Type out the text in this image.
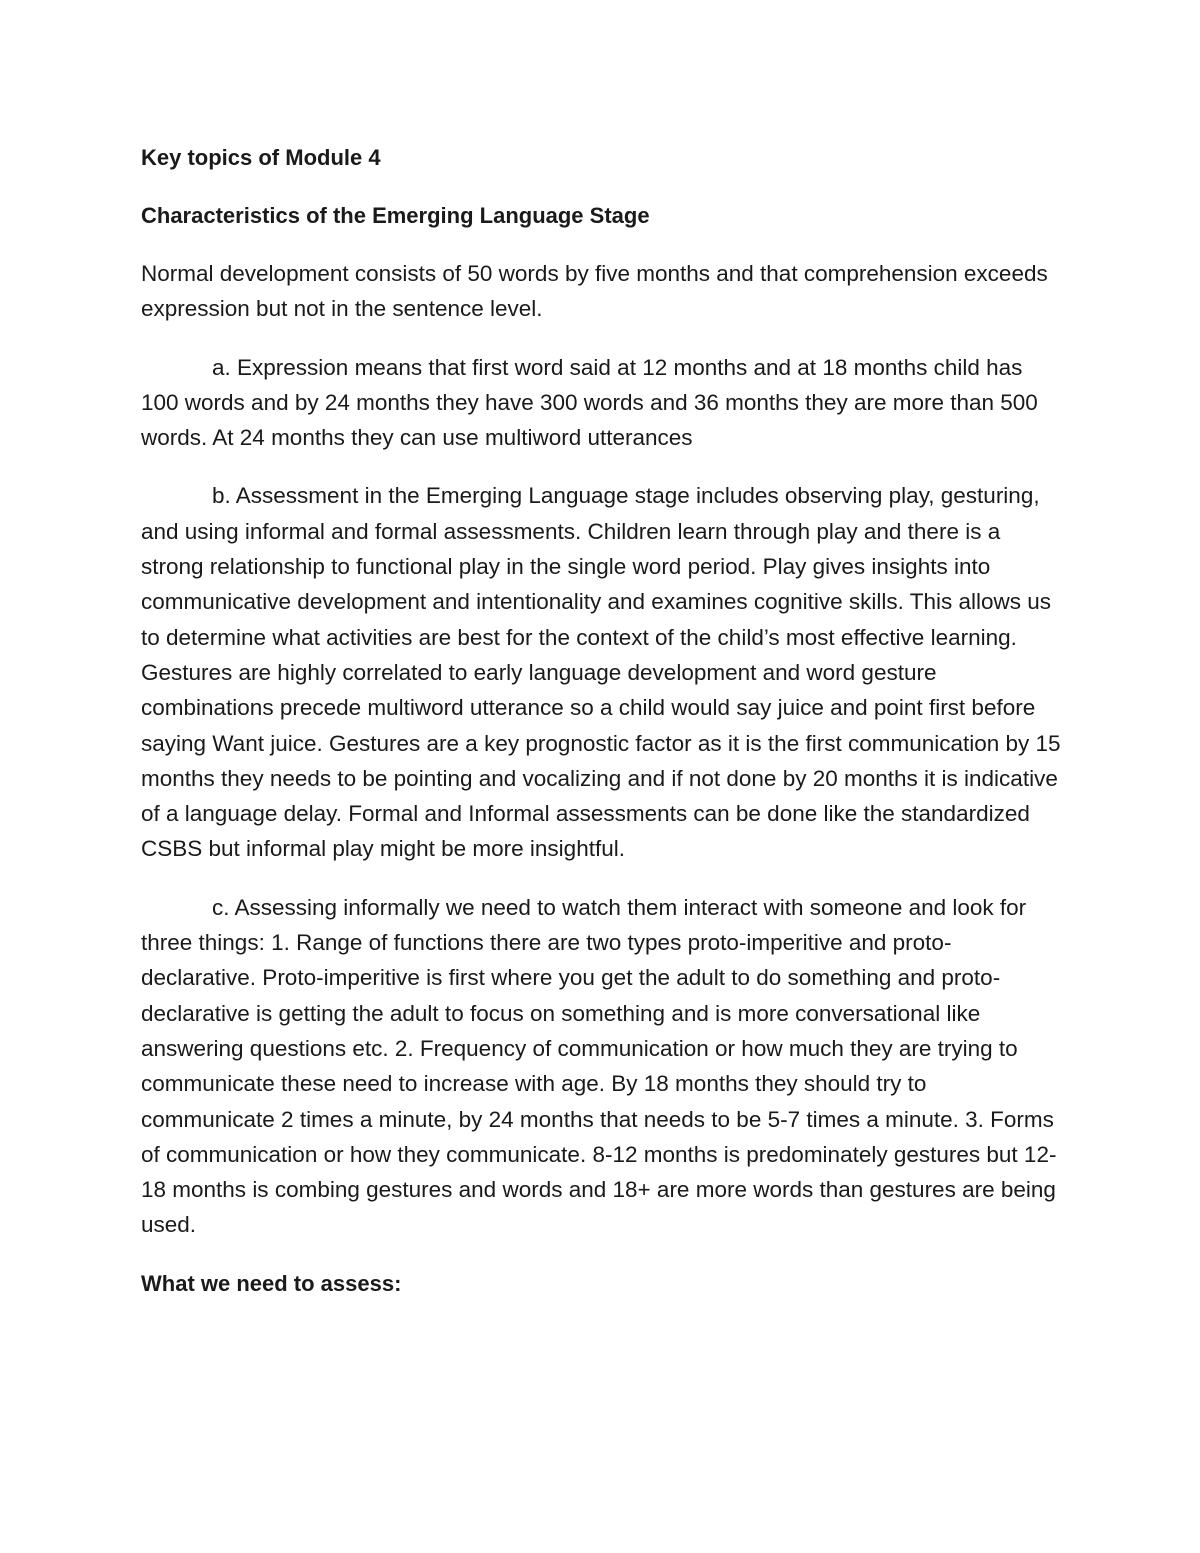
Key topics of Module 4

Characteristics of the Emerging Language Stage

Normal development consists of 50 words by five months and that comprehension exceeds expression but not in the sentence level.

a. Expression means that first word said at 12 months and at 18 months child has 100 words and by 24 months they have 300 words and 36 months they are more than 500 words. At 24 months they can use multiword utterances

b. Assessment in the Emerging Language stage includes observing play, gesturing, and using informal and formal assessments. Children learn through play and there is a strong relationship to functional play in the single word period. Play gives insights into communicative development and intentionality and examines cognitive skills. This allows us to determine what activities are best for the context of the child’s most effective learning. Gestures are highly correlated to early language development and word gesture combinations precede multiword utterance so a child would say juice and point first before saying Want juice. Gestures are a key prognostic factor as it is the first communication by 15 months they needs to be pointing and vocalizing and if not done by 20 months it is indicative of a language delay. Formal and Informal assessments can be done like the standardized CSBS but informal play might be more insightful.

c. Assessing informally we need to watch them interact with someone and look for three things: 1. Range of functions there are two types proto-imperitive and proto-declarative. Proto-imperitive is first where you get the adult to do something and proto-declarative is getting the adult to focus on something and is more conversational like answering questions etc. 2. Frequency of communication or how much they are trying to communicate these need to increase with age. By 18 months they should try to communicate 2 times a minute, by 24 months that needs to be 5-7 times a minute. 3. Forms of communication or how they communicate. 8-12 months is predominately gestures but 12-18 months is combing gestures and words and 18+ are more words than gestures are being used.

What we need to assess:
